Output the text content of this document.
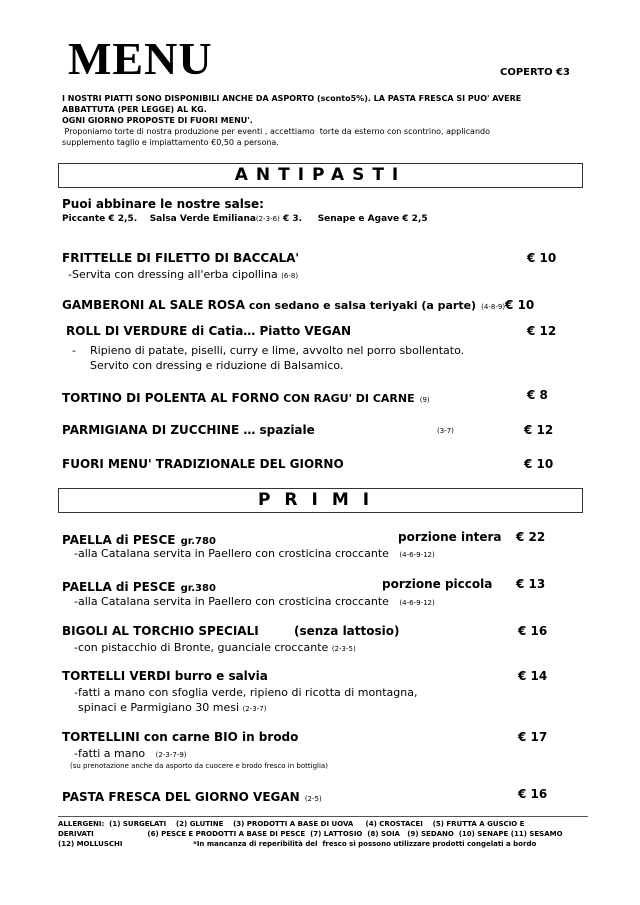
MENU	COPERTO €3
I NOSTRI PIATTI SONO DISPONIBILI ANCHE DA ASPORTO (sconto5%). LA PASTA FRESCA SI PUO' AVERE
ABBATTUTA (PER LEGGE) AL KG.
OGNI GIORNO PROPOSTE DI FUORI MENU'.
Proponiamo torte di nostra produzione per eventi , accettiamo  torte da esterno con scontrino, applicando
supplemento taglio e impiattamento €0,50 a persona.
ANTIPASTI
Puoi abbinare le nostre salse:
Piccante € 2,5. Salsa Verde Emiliana(2-3-6) € 3. Senape e Agave € 2,5
FRITTELLE DI FILETTO DI BACCALA'	€ 10
-Servita con dressing all'erba cipollina (6-8)
GAMBERONI AL SALE ROSA con sedano e salsa teriyaki (a parte) (4-8-9)€ 10
ROLL DI VERDURE di Catia… Piatto VEGAN	€ 12
- Ripieno di patate, piselli, curry e lime, avvolto nel porro sbollentato.
Servito con dressing e riduzione di Balsamico.
TORTINO DI POLENTA AL FORNO CON RAGU' DI CARNE (9)	€ 8
PARMIGIANA DI ZUCCHINE … spaziale	(3-7)	€ 12
FUORI MENU' TRADIZIONALE DEL GIORNO	€ 10
PRIMI
PAELLA di PESCE gr.780	porzione intera € 22
-alla Catalana servita in Paellero con crosticina croccante (4-6-9-12)
PAELLA di PESCE gr.380	porzione piccola € 13
-alla Catalana servita in Paellero con crosticina croccante (4-6-9-12)
BIGOLI AL TORCHIO SPECIALI	(senza lattosio)	€ 16
-con pistacchio di Bronte, guanciale croccante (2-3-5)
TORTELLI VERDI burro e salvia	€ 14
-fatti a mano con sfoglia verde, ripieno di ricotta di montagna,
spinaci e Parmigiano 30 mesi (2-3-7)
TORTELLINI con carne BIO in brodo	€ 17
-fatti a mano (2-3-7-9)
(su prenotazione anche da asporto da cuocere e brodo fresco in bottiglia)
PASTA FRESCA DEL GIORNO VEGAN (2-5)	€ 16
ALLERGENI:  (1) SURGELATI    (2) GLUTINE    (3) PRODOTTI A BASE DI UOVA     (4) CROSTACEI    (5) FRUTTA A GUSCIO E
DERIVATI                      (6) PESCE E PRODOTTI A BASE DI PESCE  (7) LATTOSIO  (8) SOIA   (9) SEDANO  (10) SENAPE (11) SESAMO
(12) MOLLUSCHI                             *In mancanza di reperibilità del  fresco si possono utilizzare prodotti congelati a bordo
